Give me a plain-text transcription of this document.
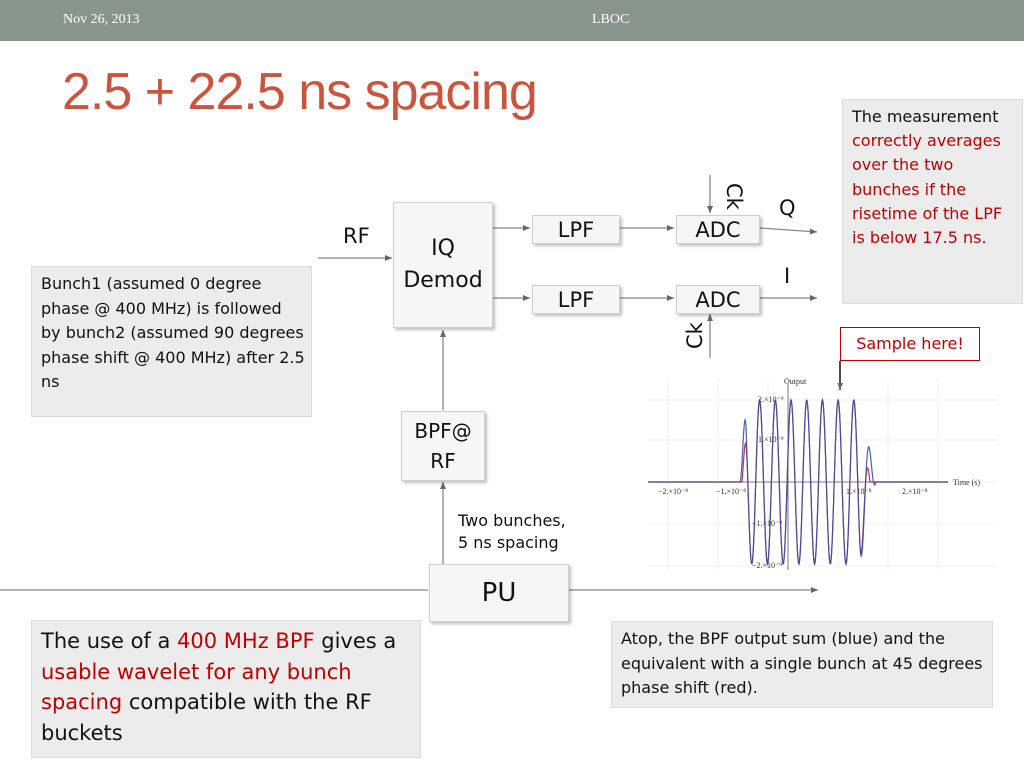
Nov 26, 2013	LBOC
2.5 + 22.5 ns spacing
Bunch1 (assumed 0 degree phase @ 400 MHz) is followed by bunch2 (assumed 90 degrees phase shift @ 400 MHz) after 2.5 ns
The measurement correctly averages over the two bunches if the risetime of the LPF is below 17.5 ns.
Sample here!
The use of a 400 MHz BPF gives a usable wavelet for any bunch spacing compatible with the RF buckets
Atop, the BPF output sum (blue) and the equivalent with a single bunch at 45 degrees phase shift (red).
IQ
Demod
LPF
LPF
ADC
ADC
BPF@
RF
PU
RF
Q
I
Ck
Ck
Two bunches,
5 ns spacing
Output
Time (s)
−2.×10⁻⁸	−1.×10⁻⁸	1.×10⁻⁸	2.×10⁻⁸
2.×10⁻⁹
1.×10⁻⁹
−1.×10⁻⁹
−2.×10⁻⁹
